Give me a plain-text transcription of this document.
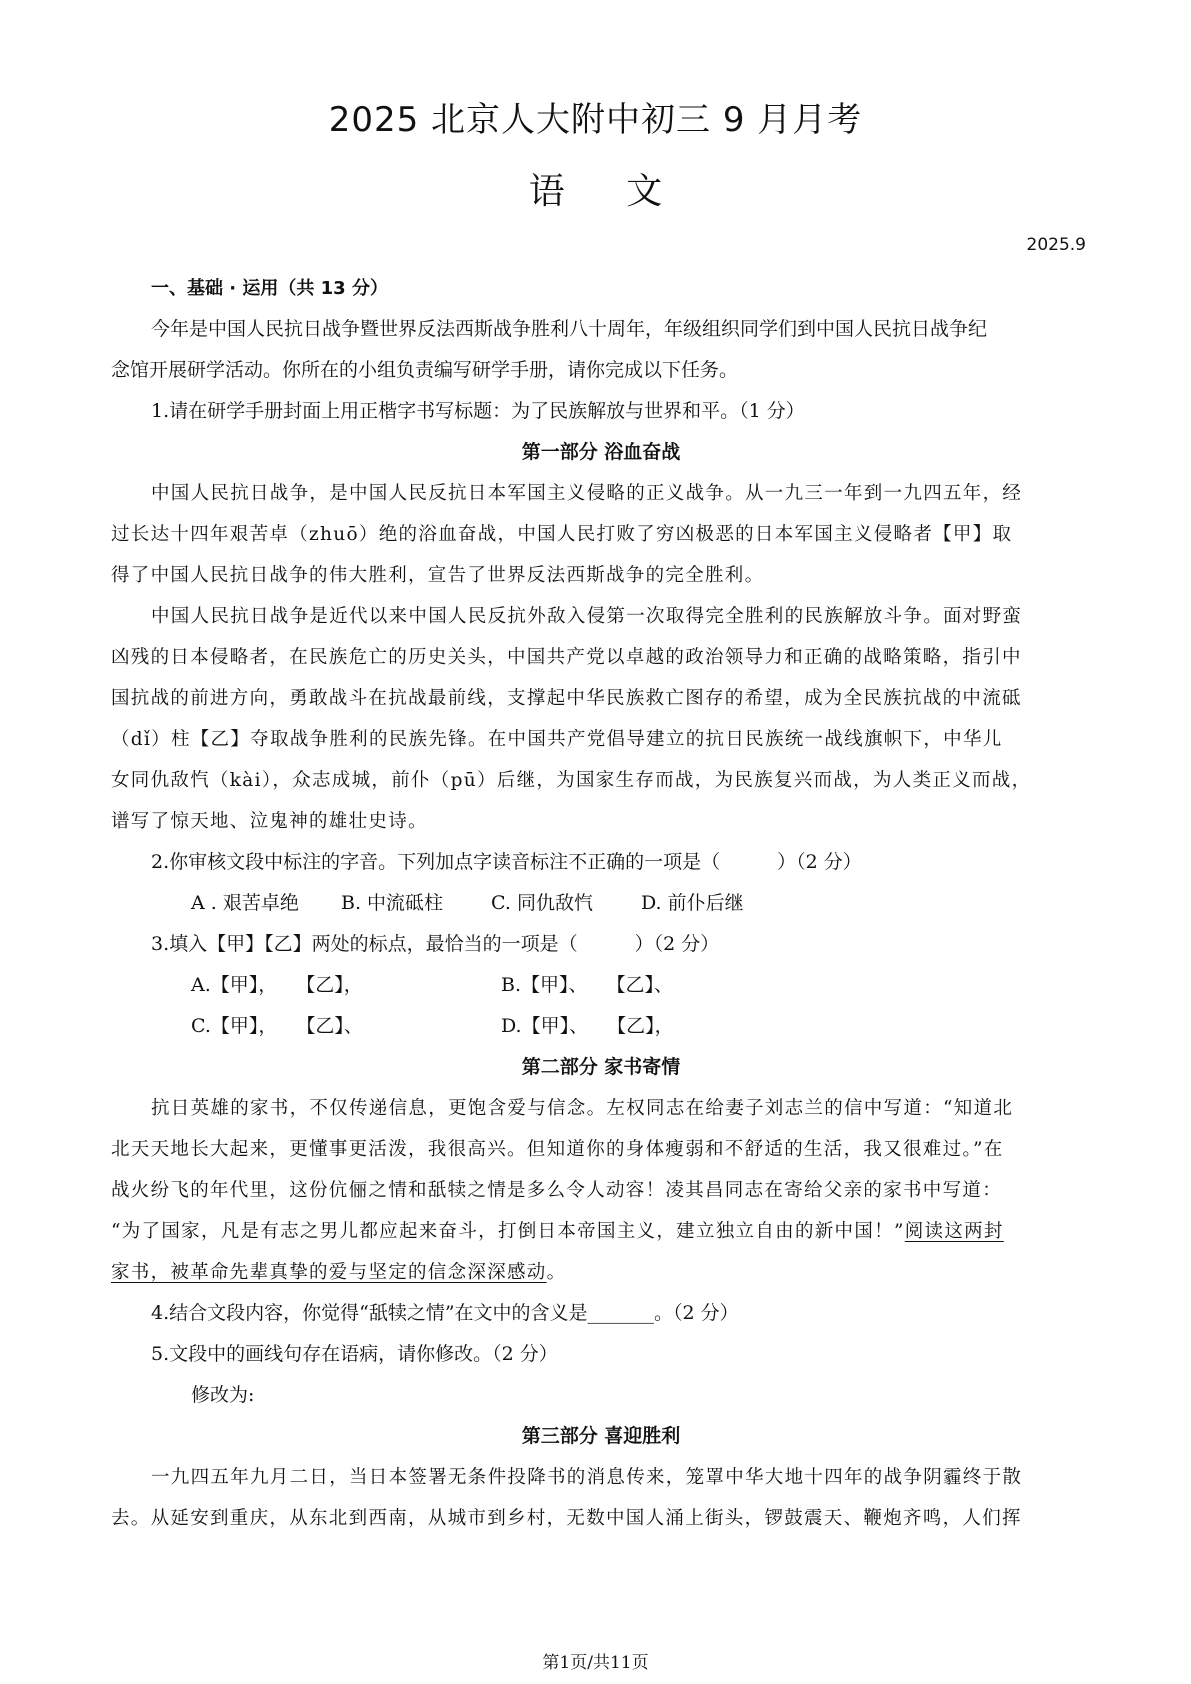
2025 北京人大附中初三 9 月月考
语 文
2025.9
一、基础 · 运用（共 13 分）
今年是中国人民抗日战争暨世界反法西斯战争胜利八十周年，年级组织同学们到中国人民抗日战争纪
念馆开展研学活动。你所在的小组负责编写研学手册，请你完成以下任务。
1.请在研学手册封面上用正楷字书写标题：为了民族解放与世界和平。（1 分）
第一部分 浴血奋战
中国人民抗日战争，是中国人民反抗日本军国主义侵略的正义战争。从一九三一年到一九四五年，经
过长达十四年艰苦卓（zhuō）绝的浴血奋战，中国人民打败了穷凶极恶的日本军国主义侵略者【甲】取
得了中国人民抗日战争的伟大胜利，宣告了世界反法西斯战争的完全胜利。
中国人民抗日战争是近代以来中国人民反抗外敌入侵第一次取得完全胜利的民族解放斗争。面对野蛮
凶残的日本侵略者，在民族危亡的历史关头，中国共产党以卓越的政治领导力和正确的战略策略，指引中
国抗战的前进方向，勇敢战斗在抗战最前线，支撑起中华民族救亡图存的希望，成为全民族抗战的中流砥
（dǐ）柱【乙】夺取战争胜利的民族先锋。在中国共产党倡导建立的抗日民族统一战线旗帜下，中华儿
女同仇敌忾（kài），众志成城，前仆（pū）后继，为国家生存而战，为民族复兴而战，为人类正义而战，
谱写了惊天地、泣鬼神的雄壮史诗。
2.你审核文段中标注的字音。下列加点字读音标注不正确的一项是（　　　）（2 分）
A . 艰苦卓绝 B. 中流砥柱	C. 同仇敌忾	D. 前仆后继
3.填入【甲】【乙】两处的标点，最恰当的一项是（　　　）（2 分）
A.【甲】，　　【乙】，	B.【甲】、　　【乙】、
C.【甲】，　　【乙】、	D.【甲】、　　【乙】，
第二部分 家书寄情
抗日英雄的家书，不仅传递信息，更饱含爱与信念。左权同志在给妻子刘志兰的信中写道：“知道北
北天天地长大起来，更懂事更活泼，我很高兴。但知道你的身体瘦弱和不舒适的生活，我又很难过。”在
战火纷飞的年代里，这份伉俪之情和舐犊之情是多么令人动容！凌其昌同志在寄给父亲的家书中写道：
“为了国家，凡是有志之男儿都应起来奋斗，打倒日本帝国主义，建立独立自由的新中国！”阅读这两封
家书，被革命先辈真挚的爱与坚定的信念深深感动。
4.结合文段内容，你觉得“舐犊之情”在文中的含义是_______。（2 分）
5.文段中的画线句存在语病，请你修改。（2 分）
修改为:
第三部分 喜迎胜利
一九四五年九月二日，当日本签署无条件投降书的消息传来，笼罩中华大地十四年的战争阴霾终于散
去。从延安到重庆，从东北到西南，从城市到乡村，无数中国人涌上街头，锣鼓震天、鞭炮齐鸣，人们挥
第1页/共11页
